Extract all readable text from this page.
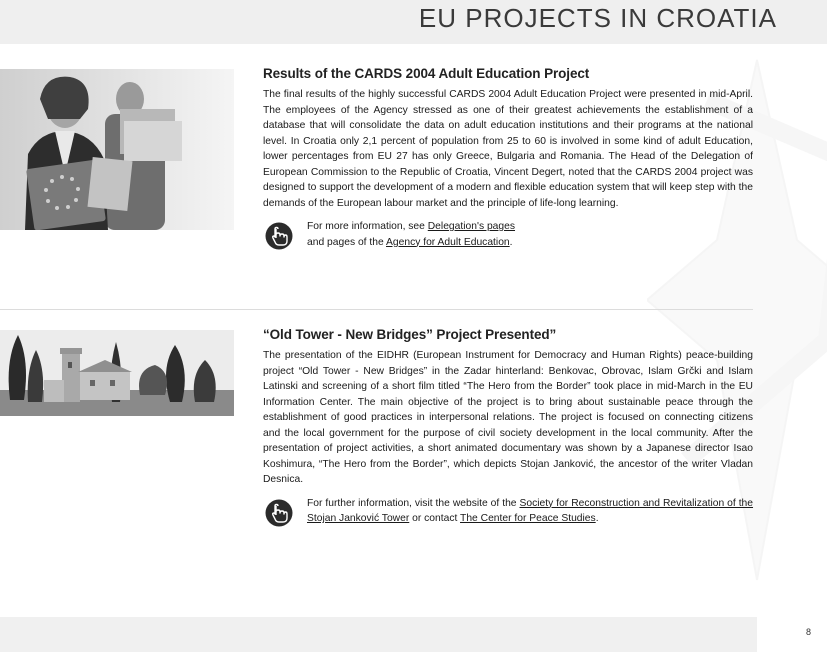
EU PROJECTS IN CROATIA
Results of the CARDS 2004 Adult Education Project

The final results of the highly successful CARDS 2004 Adult Education Project were presented in mid-April. The employees of the Agency stressed as one of their greatest achievements the establishment of a database that will consolidate the data on adult education institutions and their programs at the national level. In Croatia only 2,1 percent of population from 25 to 60 is involved in some kind of adult Education, lower percentages from EU 27 has only Greece, Bulgaria and Romania. The Head of the Delegation of European Commission to the Republic of Croatia, Vincent Degert, noted that the CARDS 2004 project was designed to support the development of a modern and flexible education system that will keep step with the demands of the European labour market and the principle of life-long learning.

For more information, see Delegation's pages
and pages of the Agency for Adult Education.
“Old Tower - New Bridges” Project Presented”

The presentation of the EIDHR (European Instrument for Democracy and Human Rights) peace-building project “Old Tower - New Bridges” in the Zadar hinterland: Benkovac, Obrovac, Islam Grčki and Islam Latinski and screening of a short film titled “The Hero from the Border” took place in mid-March in the EU Information Center. The main objective of the project is to bring about sustainable peace through the establishment of good practices in interpersonal relations. The project is focused on connecting citizens and the local government for the purpose of civil society development in the local community. After the presentation of project activities, a short animated documentary was shown by a Japanese director Isao Koshimura, “The Hero from the Border”, which depicts Stojan Janković, the ancestor of the writer Vladan Desnica.

For further information, visit the website of the Society for Reconstruction and Revitalization of the Stojan Janković Tower or contact The Center for Peace Studies.
8
